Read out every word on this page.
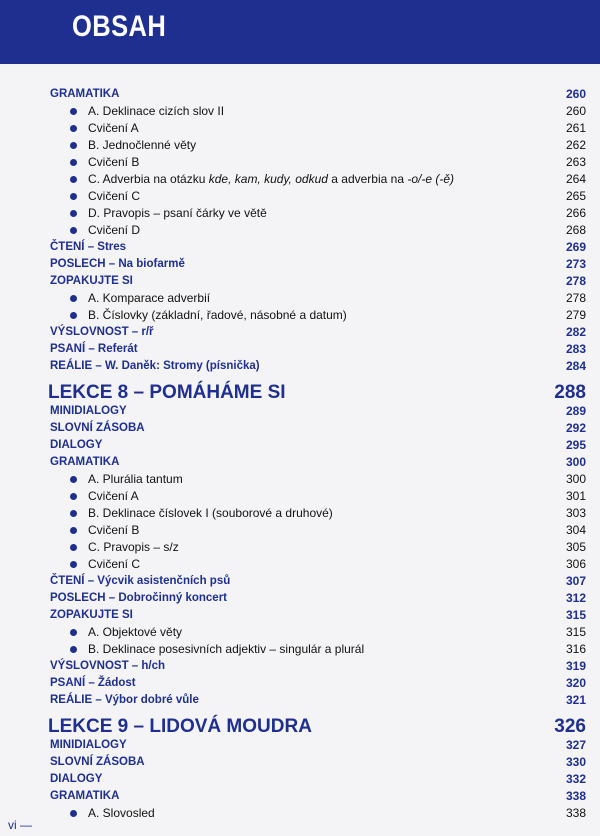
OBSAH
GRAMATIKA	260
A. Deklinace cizích slov II	260
Cvičení A	261
B. Jednočlenné věty	262
Cvičení B	263
C. Adverbia na otázku kde, kam, kudy, odkud a adverbia na -o/-e (-ě)	264
Cvičení C	265
D. Pravopis – psaní čárky ve větě	266
Cvičení D	268
ČTENÍ – Stres	269
POSLECH – Na biofarmě	273
ZOPAKUJTE SI	278
A. Komparace adverbií	278
B. Číslovky (základní, řadové, násobné a datum)	279
VÝSLOVNOST – r/ř	282
PSANÍ – Referát	283
REÁLIE – W. Daněk: Stromy (písnička)	284
LEKCE 8 – POMÁHÁME SI	288
MINIDIALOGY	289
SLOVNÍ ZÁSOBA	292
DIALOGY	295
GRAMATIKA	300
A. Plurália tantum	300
Cvičení A	301
B. Deklinace číslovek I (souborové a druhové)	303
Cvičení B	304
C. Pravopis – s/z	305
Cvičení C	306
ČTENÍ – Výcvik asistenčních psů	307
POSLECH – Dobročinný koncert	312
ZOPAKUJTE SI	315
A. Objektové věty	315
B. Deklinace posesivních adjektiv – singulár a plurál	316
VÝSLOVNOST – h/ch	319
PSANÍ – Žádost	320
REÁLIE – Výbor dobré vůle	321
LEKCE 9 – LIDOVÁ MOUDRA	326
MINIDIALOGY	327
SLOVNÍ ZÁSOBA	330
DIALOGY	332
GRAMATIKA	338
A. Slovosled	338
vi —
